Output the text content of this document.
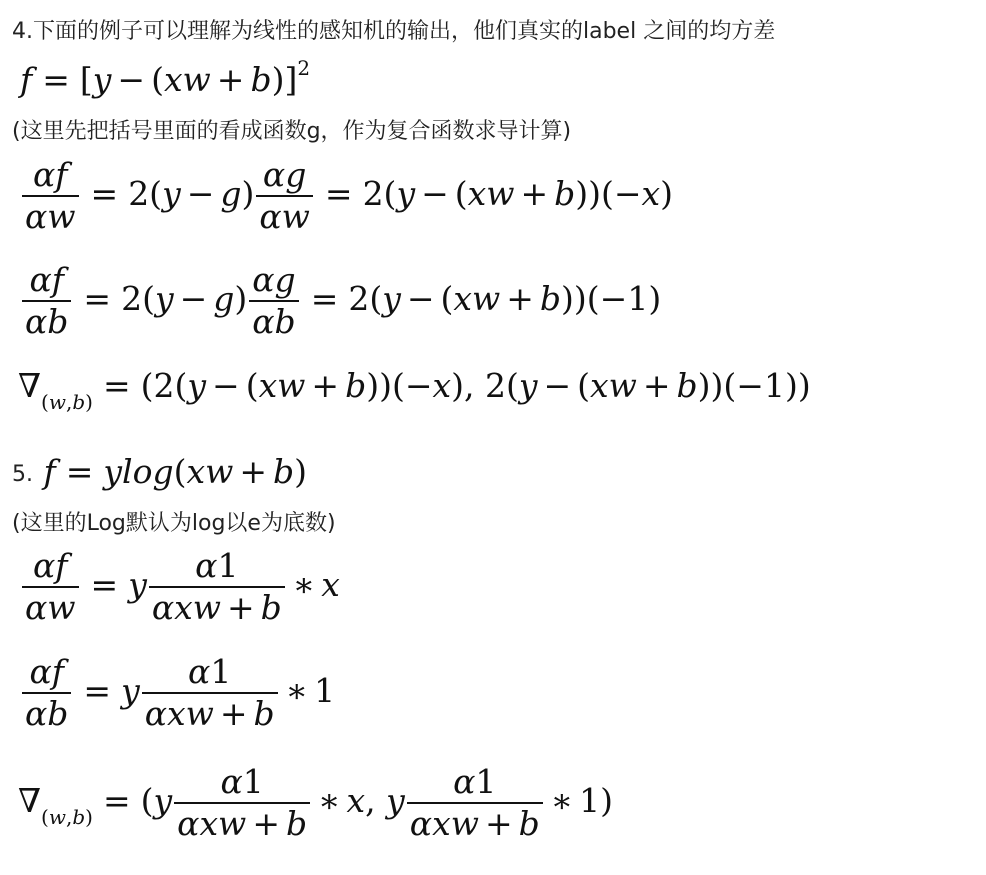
4.下面的例子可以理解为线性的感知机的输出，他们真实的label 之间的均方差
$f = [y - (xw + b)]^2$
(这里先把括号里面的看成函数g，作为复合函数求导计算)
$\frac{\alpha f}{\alpha w} = 2(y - g) \frac{\alpha g}{\alpha w} = 2(y - (xw + b))(-x)$
$\frac{\alpha f}{\alpha b} = 2(y - g) \frac{\alpha g}{\alpha b} = 2(y - (xw + b))(-1)$
$\nabla_{(w,b)} = (2(y - (xw + b))(-x)$, 2(y − (xw + b))(−1))
5. f = ylog(xw + b)
(这里的Log默认为log以e为底数)
$\frac{\alpha f}{\alpha w} = y \frac{\alpha 1}{\text{αxw + b}}$ ∗ x
$\frac{\alpha f}{\alpha b} = y \frac{\alpha 1}{\text{αxw + b}}$ ∗ 1
$\nabla_{(w,b)} = (y \frac{\alpha 1}{\text{αxw + b}}$ ∗ x, y $\frac{\alpha 1}{\text{αxw + b}}$ ∗ 1)
